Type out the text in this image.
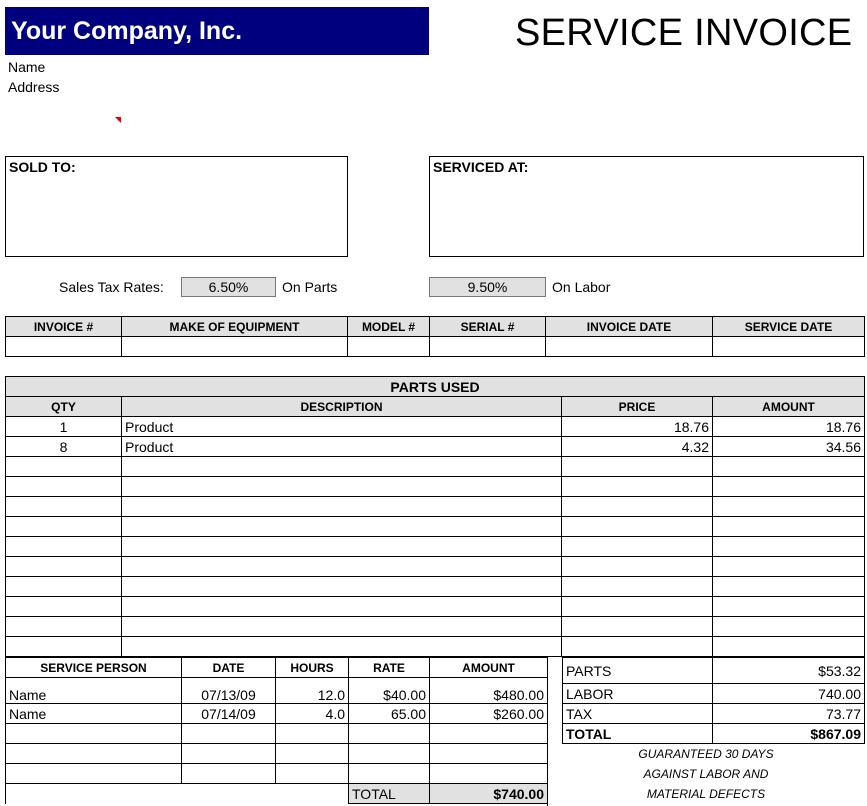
Your Company, Inc.	SERVICE INVOICE
Name
Address
SOLD TO:	SERVICED AT:
Sales Tax Rates:	6.50%	On Parts	9.50%	On Labor
INVOICE #	MAKE OF EQUIPMENT	MODEL #	SERIAL #	INVOICE DATE	SERVICE DATE

PARTS USED			
QTY	DESCRIPTION	PRICE	AMOUNT
1	Product	18.76	18.76
8	Product	4.32	34.56

SERVICE PERSON	DATE	HOURS	RATE	AMOUNT
Name	07/13/09	12.0	$40.00	$480.00
Name	07/14/09	4.0	65.00	$260.00

			TOTAL	$740.00
PARTS	$53.32
LABOR	740.00
TAX	73.77
TOTAL	$867.09
GUARANTEED 30 DAYS
AGAINST LABOR AND
MATERIAL DEFECTS
